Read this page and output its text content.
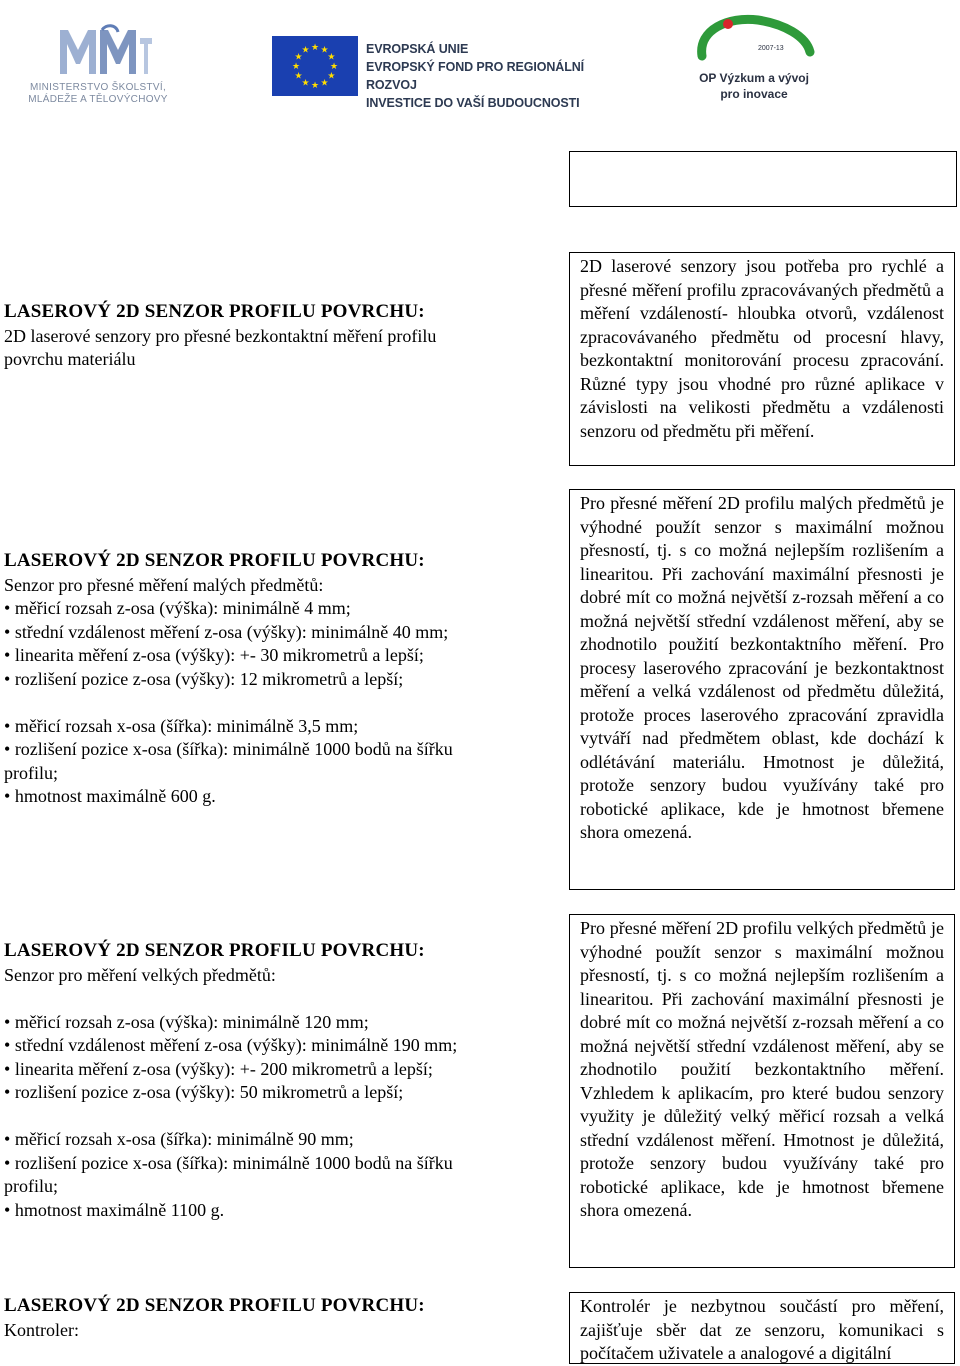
MINISTERSTVO ŠKOLSTVÍ,
MLÁDEŽE A TĚLOVÝCHOVY
★ ★
★
★
★
★
★
★
★
★
★
★	EVROPSKÁ UNIE
EVROPSKÝ FOND PRO REGIONÁLNÍ ROZVOJ
INVESTICE DO VAŠÍ BUDOUCNOSTI
2007-13
OP Výzkum a vývoj
pro inovace
LASEROVÝ 2D SENZOR PROFILU POVRCHU:
2D laserové senzory pro přesné bezkontaktní měření profilu
povrchu materiálu
LASEROVÝ 2D SENZOR PROFILU POVRCHU:
Senzor pro přesné měření malých předmětů:
• měřicí rozsah z-osa (výška): minimálně 4 mm;
• střední vzdálenost měření z-osa (výšky): minimálně 40 mm;
• linearita měření z-osa (výšky): +- 30 mikrometrů a lepší;
• rozlišení pozice z-osa (výšky): 12 mikrometrů a lepší;
• měřicí rozsah x-osa (šířka): minimálně 3,5 mm;
• rozlišení pozice x-osa (šířka): minimálně 1000 bodů na šířku
profilu;
• hmotnost maximálně 600 g.
LASEROVÝ 2D SENZOR PROFILU POVRCHU:
Senzor pro měření velkých předmětů:
• měřicí rozsah z-osa (výška): minimálně 120 mm;
• střední vzdálenost měření z-osa (výšky): minimálně 190 mm;
• linearita měření z-osa (výšky): +- 200 mikrometrů a lepší;
• rozlišení pozice z-osa (výšky): 50 mikrometrů a lepší;
• měřicí rozsah x-osa (šířka): minimálně 90 mm;
• rozlišení pozice x-osa (šířka): minimálně 1000 bodů na šířku
profilu;
• hmotnost maximálně 1100 g.
LASEROVÝ 2D SENZOR PROFILU POVRCHU:
Kontroler:
2D laserové senzory jsou potřeba pro rychlé a přesné měření profilu zpracovávaných předmětů a měření vzdáleností- hloubka otvorů, vzdálenost zpracovávaného předmětu od procesní hlavy, bezkontaktní monitorování procesu zpracování. Různé typy jsou vhodné pro různé aplikace v závislosti na velikosti předmětu a vzdálenosti senzoru od předmětu při měření.
Pro přesné měření 2D profilu malých předmětů je výhodné použít senzor s maximální možnou přesností, tj. s co možná nejlepším rozlišením a linearitou. Při zachování maximální přesnosti je dobré mít co možná největší z-rozsah měření a co možná největší střední vzdálenost měření, aby se zhodnotilo použití bezkontaktního měření. Pro procesy laserového zpracování je bezkontaktnost měření a velká vzdálenost od předmětu důležitá, protože proces laserového zpracování zpravidla vytváří nad předmětem oblast, kde dochází k odlétávání materiálu. Hmotnost je důležitá, protože senzory budou využívány také pro robotické aplikace, kde je hmotnost břemene shora omezená.
Pro přesné měření 2D profilu velkých předmětů je výhodné použít senzor s maximální možnou přesností, tj. s co možná nejlepším rozlišením a linearitou. Při zachování maximální přesnosti je dobré mít co možná největší z-rozsah měření a co možná největší střední vzdálenost měření, aby se zhodnotilo použití bezkontaktního měření. Vzhledem k aplikacím, pro které budou senzory využity je důležitý velký měřicí rozsah a velká střední vzdálenost měření. Hmotnost je důležitá, protože senzory budou využívány také pro robotické aplikace, kde je hmotnost břemene shora omezená.
Kontrolér je nezbytnou součástí pro měření, zajišťuje sběr dat ze senzoru, komunikaci s počítačem uživatele a analogové a digitální
